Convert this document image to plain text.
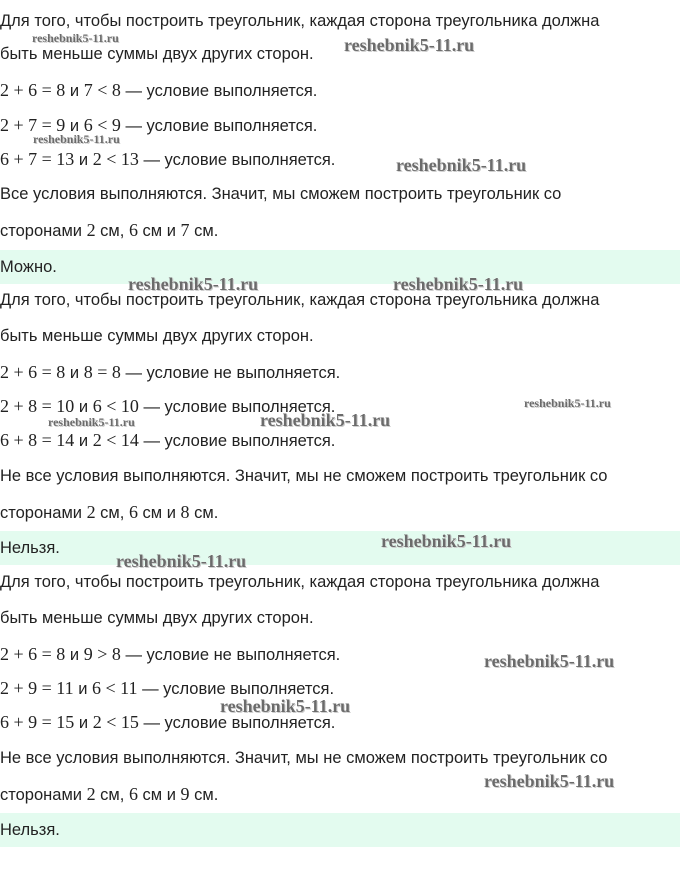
Для того, чтобы построить треугольник, каждая сторона треугольника должна
быть меньше суммы двух других сторон.
2 + 6 = 8 и 7 < 8 — условие выполняется.
2 + 7 = 9 и 6 < 9 — условие выполняется.
6 + 7 = 13 и 2 < 13 — условие выполняется.
Все условия выполняются. Значит, мы сможем построить треугольник со
сторонами 2 см, 6 см и 7 см.
Можно.
Для того, чтобы построить треугольник, каждая сторона треугольника должна
быть меньше суммы двух других сторон.
2 + 6 = 8 и 8 = 8 — условие не выполняется.
2 + 8 = 10 и 6 < 10 — условие выполняется.
6 + 8 = 14 и 2 < 14 — условие выполняется.
Не все условия выполняются. Значит, мы не сможем построить треугольник со
сторонами 2 см, 6 см и 8 см.
Нельзя.
Для того, чтобы построить треугольник, каждая сторона треугольника должна
быть меньше суммы двух других сторон.
2 + 6 = 8 и 9 > 8 — условие не выполняется.
2 + 9 = 11 и 6 < 11 — условие выполняется.
6 + 9 = 15 и 2 < 15 — условие выполняется.
Не все условия выполняются. Значит, мы не сможем построить треугольник со
сторонами 2 см, 6 см и 9 см.
Нельзя.
reshebnik5-11.ru	reshebnik5-11.ru
reshebnik5-11.ru
reshebnik5-11.ru
reshebnik5-11.ru	reshebnik5-11.ru
reshebnik5-11.ru
reshebnik5-11.ru	reshebnik5-11.ru
reshebnik5-11.ru
reshebnik5-11.ru
reshebnik5-11.ru
reshebnik5-11.ru
reshebnik5-11.ru
